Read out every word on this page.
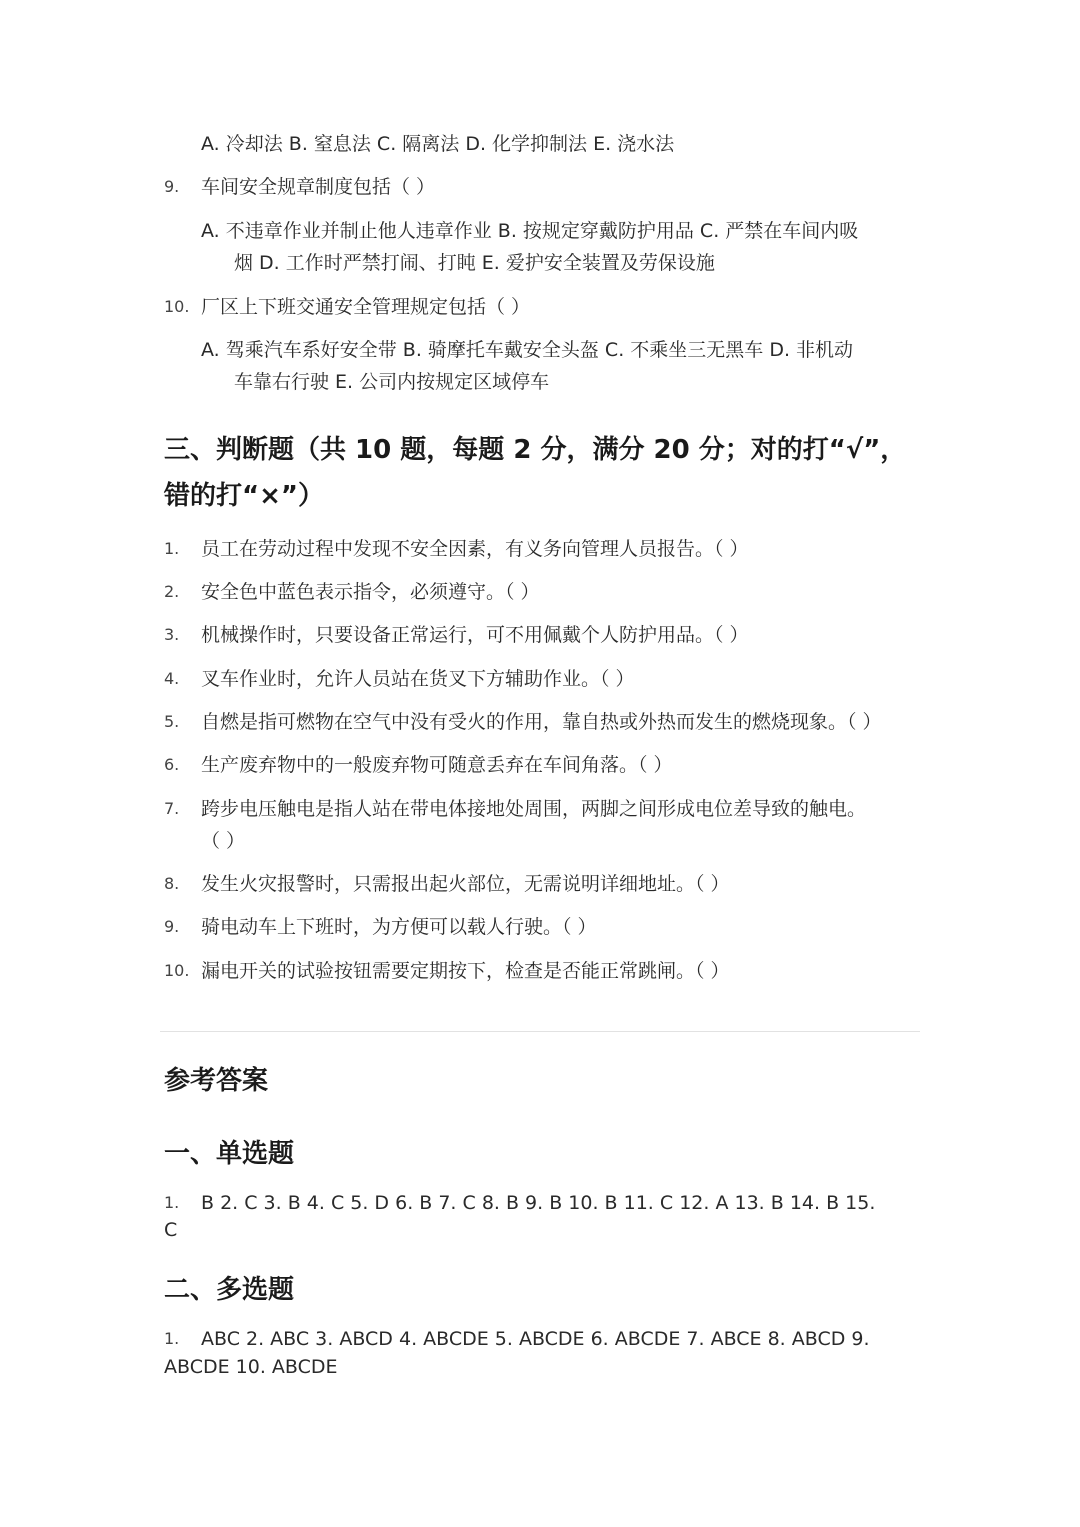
A. 冷却法 B. 窒息法 C. 隔离法 D. 化学抑制法 E. 浇水法
9. 车间安全规章制度包括（ ）
A. 不违章作业并制止他人违章作业 B. 按规定穿戴防护用品 C. 严禁在车间内吸
烟 D. 工作时严禁打闹、打盹 E. 爱护安全装置及劳保设施
10. 厂区上下班交通安全管理规定包括（ ）
A. 驾乘汽车系好安全带 B. 骑摩托车戴安全头盔 C. 不乘坐三无黑车 D. 非机动
车靠右行驶 E. 公司内按规定区域停车
三、判断题（共 10 题，每题 2 分，满分 20 分；对的打“√”，
错的打“×”）
1. 员工在劳动过程中发现不安全因素，有义务向管理人员报告。（ ）
2. 安全色中蓝色表示指令，必须遵守。（ ）
3. 机械操作时，只要设备正常运行，可不用佩戴个人防护用品。（ ）
4. 叉车作业时，允许人员站在货叉下方辅助作业。（ ）
5. 自燃是指可燃物在空气中没有受火的作用，靠自热或外热而发生的燃烧现象。（ ）
6. 生产废弃物中的一般废弃物可随意丢弃在车间角落。（ ）
7. 跨步电压触电是指人站在带电体接地处周围，两脚之间形成电位差导致的触电。
（ ）
8. 发生火灾报警时，只需报出起火部位，无需说明详细地址。（ ）
9. 骑电动车上下班时，为方便可以载人行驶。（ ）
10. 漏电开关的试验按钮需要定期按下，检查是否能正常跳闸。（ ）
参考答案
一、单选题
1. B 2. C 3. B 4. C 5. D 6. B 7. C 8. B 9. B 10. B 11. C 12. A 13. B 14. B 15.
C
二、多选题
1. ABC 2. ABC 3. ABCD 4. ABCDE 5. ABCDE 6. ABCDE 7. ABCE 8. ABCD 9.
ABCDE 10. ABCDE
